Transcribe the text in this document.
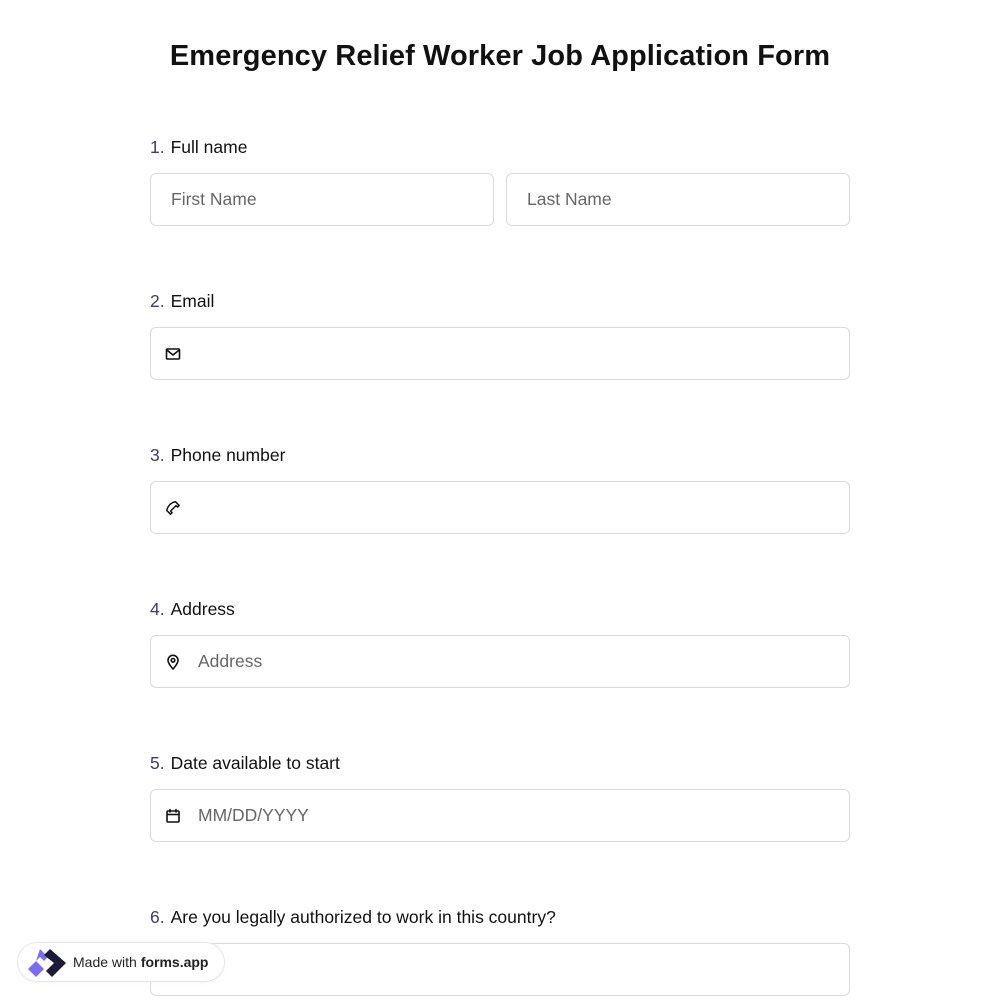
Emergency Relief Worker Job Application Form
1. Full name
First Name	Last Name
2. Email
3. Phone number
4. Address
Address
5. Date available to start
MM/DD/YYYY
6. Are you legally authorized to work in this country?
Made with forms.app
